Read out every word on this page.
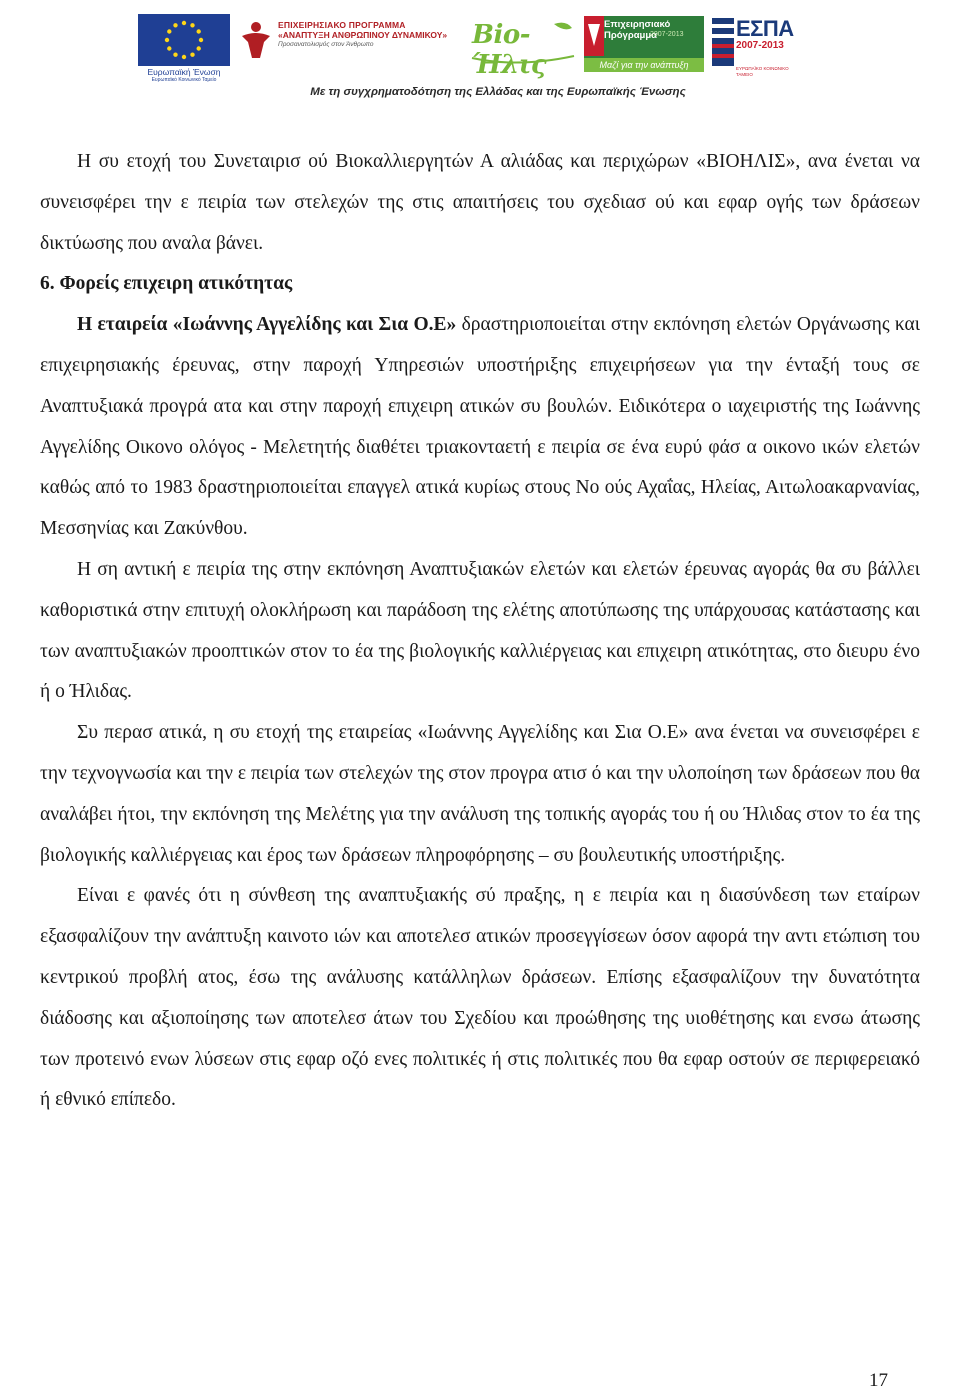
Ευρωπαϊκή Ένωση
Ευρωπαϊκό Κοινωνικό Ταμείο
ΕΠΙΧΕΙΡΗΣΙΑΚΟ ΠΡΟΓΡΑΜΜΑ
«ΑΝΑΠΤΥΞΗ ΑΝΘΡΩΠΙΝΟΥ ΔΥΝΑΜΙΚΟΥ»
Προσανατολισμός στον Άνθρωπο	Bio-Ήλις
Επιχειρησιακό Πρόγραμμα
2007-2013
Μαζί για την ανάπτυξη
ΕΣΠΑ
2007-2013
ΕΥΡΩΠΑΪΚΟ ΚΟΙΝΩΝΙΚΟ ΤΑΜΕΙΟ
Με τη συγχρηματοδότηση της Ελλάδας και της Ευρωπαϊκής Ένωσης

Η συ ετοχή του Συνεταιρισ ού Βιοκαλλιεργητών Α αλιάδας και περιχώρων «ΒΙΟΗΛΙΣ», ανα ένεται να συνεισφέρει την ε πειρία των στελεχών της στις απαιτήσεις του σχεδιασ ού και εφαρ ογής των δράσεων δικτύωσης που αναλα βάνει.

6. Φορείς επιχειρη ατικότητας

Η εταιρεία «Ιωάννης Αγγελίδης και Σια Ο.Ε» δραστηριοποιείται στην εκπόνηση ελετών Οργάνωσης και επιχειρησιακής έρευνας, στην παροχή Υπηρεσιών υποστήριξης επιχειρήσεων για την ένταξή τους σε Αναπτυξιακά προγρά ατα και στην παροχή επιχειρη ατικών συ βουλών. Ειδικότερα ο ιαχειριστής της Ιωάννης Αγγελίδης Οικονο ολόγος - Μελετητής διαθέτει τριακονταετή ε πειρία σε ένα ευρύ φάσ α οικονο ικών ελετών καθώς από το 1983 δραστηριοποιείται επαγγελ ατικά κυρίως στους Νο ούς Αχαΐας, Ηλείας, Αιτωλοακαρνανίας, Μεσσηνίας και Ζακύνθου.

Η ση αντική ε πειρία της στην εκπόνηση Αναπτυξιακών ελετών και ελετών έρευνας αγοράς θα συ βάλλει καθοριστικά στην επιτυχή ολοκλήρωση και παράδοση της ελέτης αποτύπωσης της υπάρχουσας κατάστασης και των αναπτυξιακών προοπτικών στον το έα της βιολογικής καλλιέργειας και επιχειρη ατικότητας, στο διευρυ ένο ή ο Ήλιδας.

Συ περασ ατικά, η συ ετοχή της εταιρείας «Ιωάννης Αγγελίδης και Σια Ο.Ε» ανα ένεται να συνεισφέρει ε την τεχνογνωσία και την ε πειρία των στελεχών της στον προγρα ατισ ό και την υλοποίηση των δράσεων που θα αναλάβει ήτοι, την εκπόνηση της Μελέτης για την ανάλυση της τοπικής αγοράς του ή ου Ήλιδας στον το έα της βιολογικής καλλιέργειας και έρος των δράσεων πληροφόρησης – συ βουλευτικής υποστήριξης.

Είναι ε φανές ότι η σύνθεση της αναπτυξιακής σύ πραξης, η ε πειρία και η διασύνδεση των εταίρων εξασφαλίζουν την ανάπτυξη καινοτο ιών και αποτελεσ ατικών προσεγγίσεων όσον αφορά την αντι ετώπιση του κεντρικού προβλή ατος, έσω της ανάλυσης κατάλληλων δράσεων. Επίσης εξασφαλίζουν την δυνατότητα διάδοσης και αξιοποίησης των αποτελεσ άτων του Σχεδίου και προώθησης της υιοθέτησης και ενσω άτωσης των προτεινό ενων λύσεων στις εφαρ οζό ενες πολιτικές ή στις πολιτικές που θα εφαρ οστούν σε περιφερειακό ή εθνικό επίπεδο.

17
